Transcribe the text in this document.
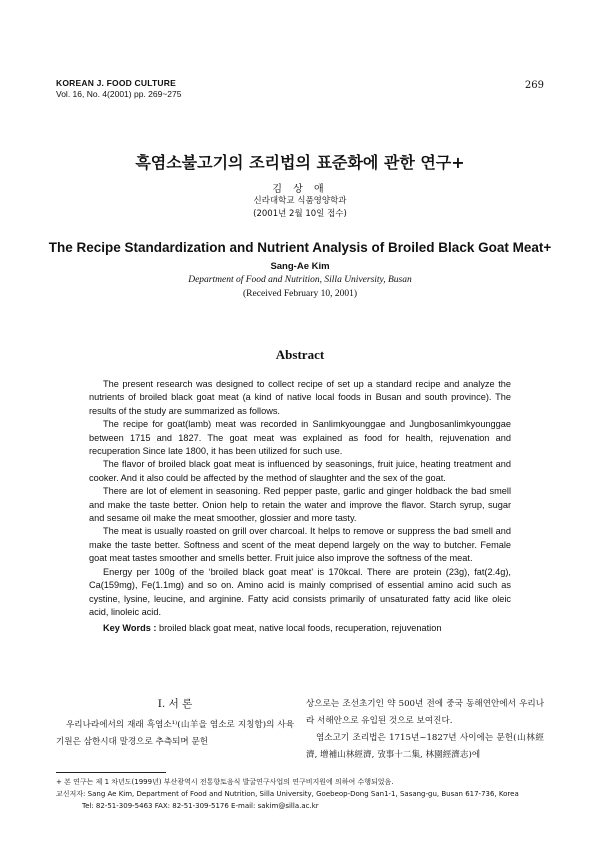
KOREAN J. FOOD CULTURE
Vol. 16, No. 4(2001) pp. 269~275
269
흑염소불고기의 조리법의 표준화에 관한 연구+
김 상 애
신라대학교 식품영양학과
(2001년 2월 10일 접수)
The Recipe Standardization and Nutrient Analysis of Broiled Black Goat Meat+
Sang-Ae Kim
Department of Food and Nutrition, Silla University, Busan
(Received February 10, 2001)
Abstract

The present research was designed to collect recipe of set up a standard recipe and analyze the nutrients of broiled black goat meat (a kind of native local foods in Busan and south province). The results of the study are summarized as follows.

The recipe for goat(lamb) meat was recorded in Sanlimkyounggae and Jungbosanlimkyounggae between 1715 and 1827. The goat meat was explained as food for health, rejuvenation and recuperation Since late 1800, it has been utilized for such use.

The flavor of broiled black goat meat is influenced by seasonings, fruit juice, heating treatment and cooker. And it also could be affected by the method of slaughter and the sex of the goat.

There are lot of element in seasoning. Red pepper paste, garlic and ginger holdback the bad smell and make the taste better. Onion help to retain the water and improve the flavor. Starch syrup, sugar and sesame oil make the meat smoother, glossier and more tasty.

The meat is usually roasted on grill over charcoal. It helps to remove or suppress the bad smell and make the taste better. Softness and scent of the meat depend largely on the way to butcher. Female goat meat tastes smoother and smells better. Fruit juice also improve the softness of the meat.

Energy per 100g of the ‘broiled black goat meat’ is 170kcal. There are protein (23g), fat(2.4g), Ca(159mg), Fe(1.1mg) and so on. Amino acid is mainly comprised of essential amino acid such as cystine, lysine, leucine, and arginine. Fatty acid consists primarily of unsaturated fatty acid like oleic acid, linoleic acid.

Key Words : broiled black goat meat, native local foods, recuperation, rejuvenation

I. 서 론

우리나라에서의 재래 흑염소¹⁾(山羊을 염소로 지칭함)의 사육 기원은 삼한시대 말경으로 추측되며 문헌

상으로는 조선초기인 약 500년 전에 중국 동해연안에서 우리나라 서해안으로 유입된 것으로 보여진다.

염소고기 조리법은 1715년~1827년 사이에는 문헌(山林經濟, 增補山林經濟, 攷事十二集, 林園經濟志)에

+ 본 연구는 제 1 차년도(1999년) 부산광역시 전통향토음식 발굴연구사업의 연구비지원에 의하여 수행되었음.
교신저자: Sang Ae Kim, Department of Food and Nutrition, Silla University, Goebeop-Dong San1-1, Sasang-gu, Busan 617-736, Korea
Tel: 82-51-309-5463 FAX: 82-51-309-5176 E-mail: sakim@silla.ac.kr
